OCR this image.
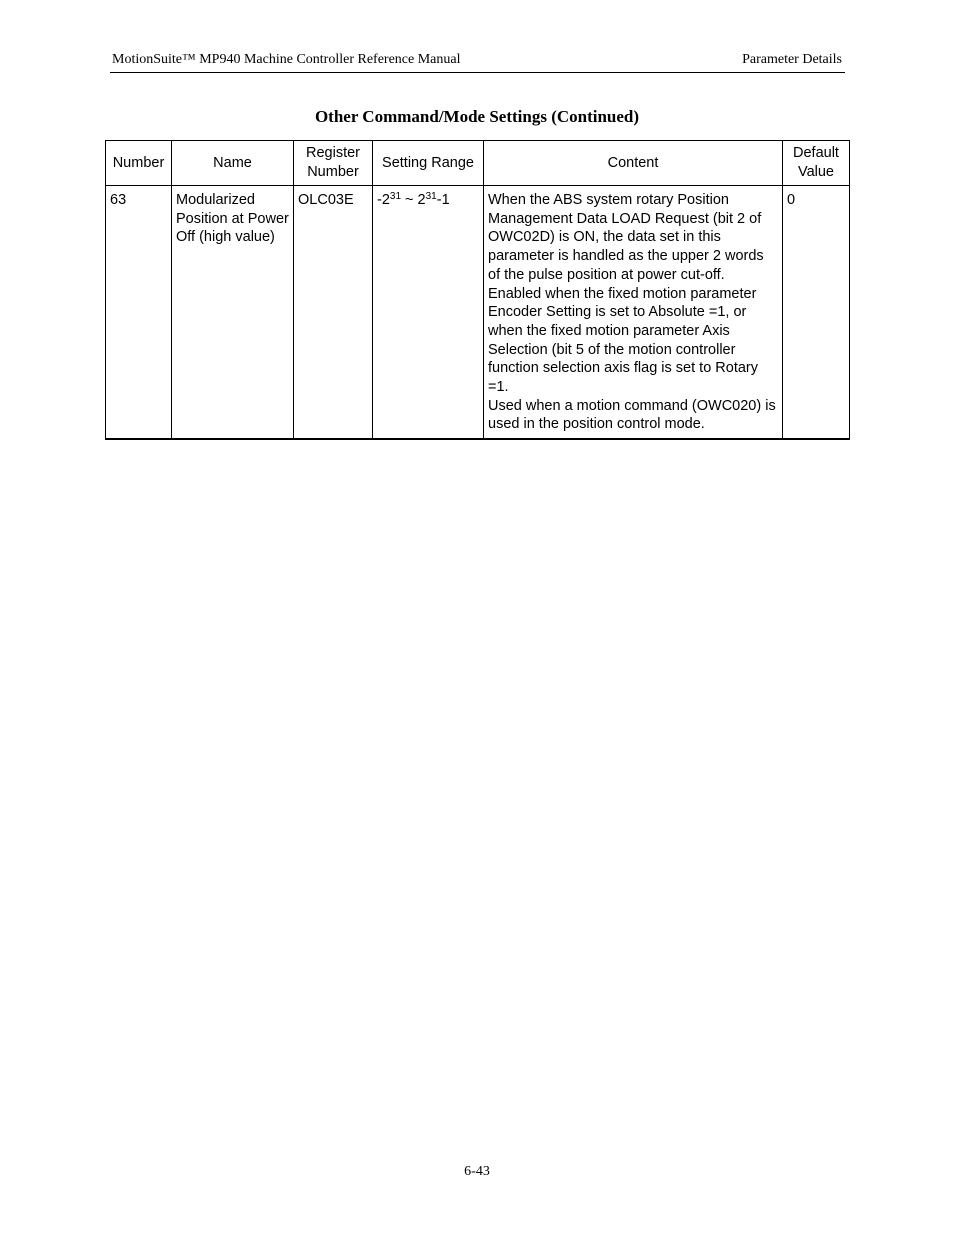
MotionSuite™ MP940 Machine Controller Reference Manual	Parameter Details
Other Command/Mode Settings (Continued)
Number	Name	Register Number	Setting Range	Content	Default Value
63	Modularized Position at Power Off (high value)	OLC03E	$-2^{31}$ ~ $2^{31}-1$	When the ABS system rotary Position Management Data LOAD Request (bit 2 of OWC02D) is ON, the data set in this parameter is handled as the upper 2 words of the pulse position at power cut-off.
Enabled when the fixed motion parameter Encoder Setting is set to Absolute =1, or when the fixed motion parameter Axis Selection (bit 5 of the motion controller function selection axis flag is set to Rotary =1.
Used when a motion command (OWC020) is used in the position control mode.	0
6-43
